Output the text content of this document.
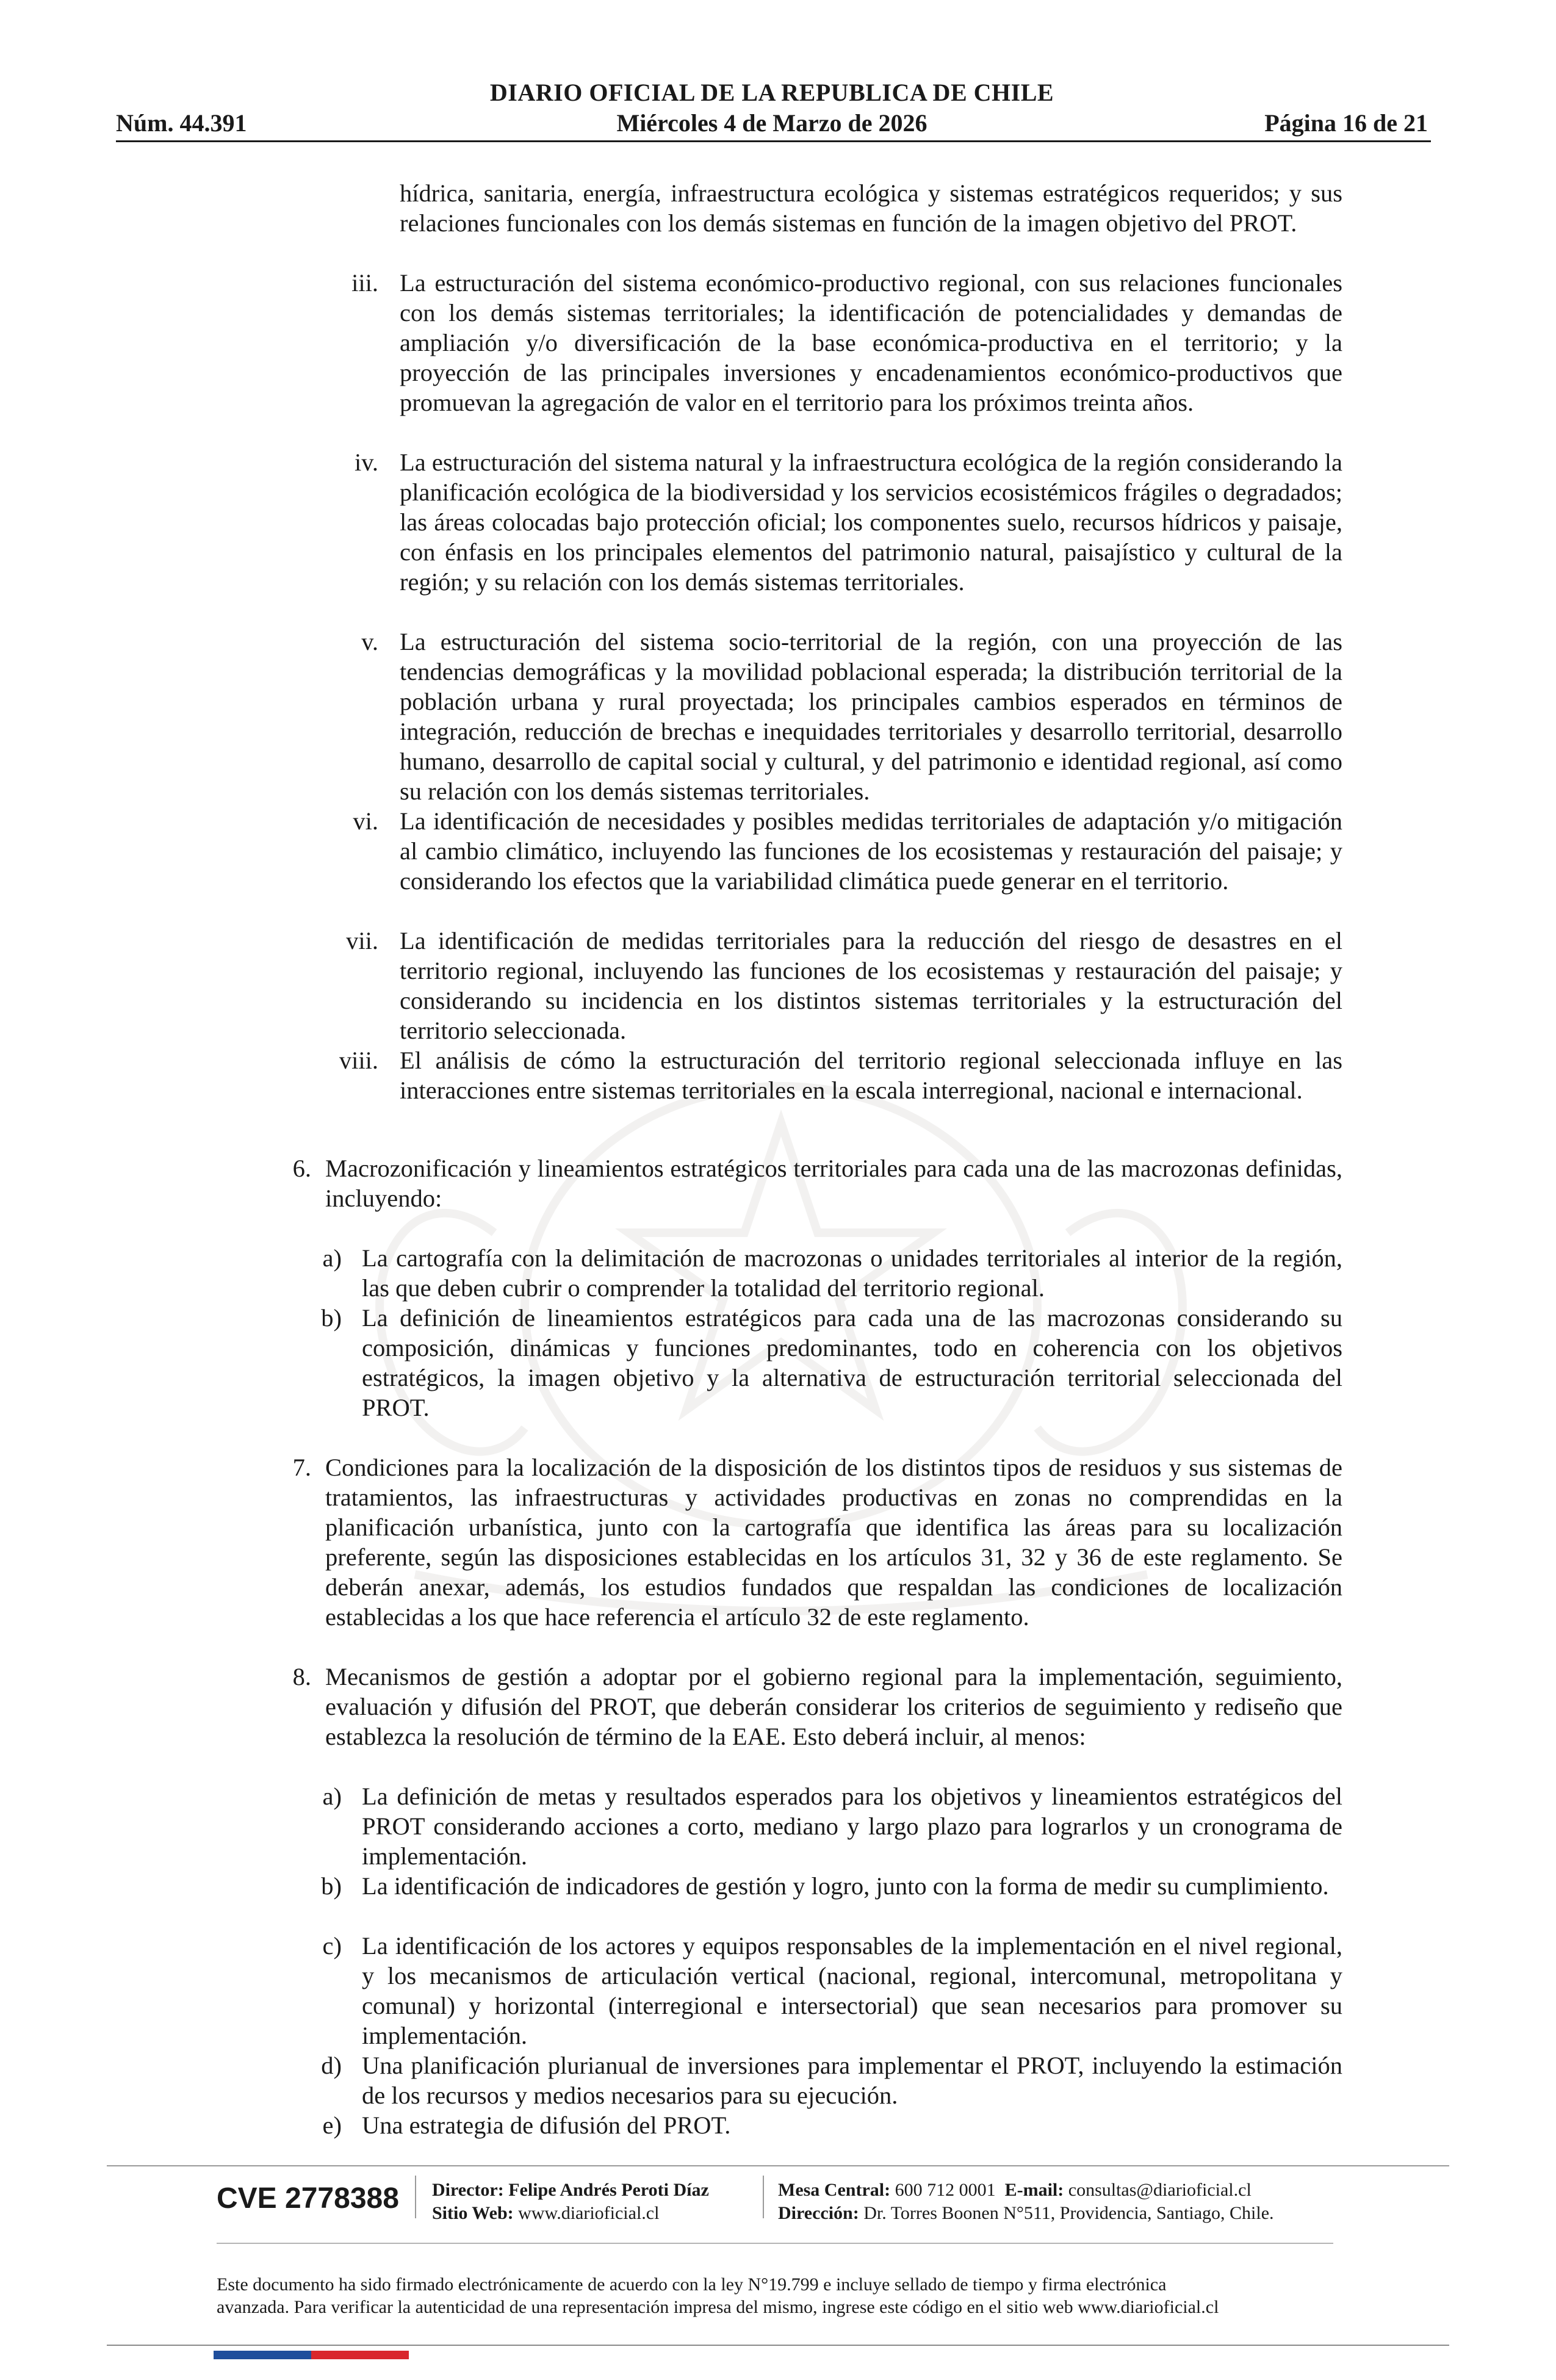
DIARIO OFICIAL DE LA REPUBLICA DE CHILE
Núm. 44.391	Miércoles 4 de Marzo de 2026	Página 16 de 21
hídrica, sanitaria, energía, infraestructura ecológica y sistemas estratégicos requeridos; y sus relaciones funcionales con los demás sistemas en función de la imagen objetivo del PROT.
iii. La estructuración del sistema económico-productivo regional, con sus relaciones funcionales con los demás sistemas territoriales; la identificación de potencialidades y demandas de ampliación y/o diversificación de la base económica-productiva en el territorio; y la proyección de las principales inversiones y encadenamientos económico-productivos que promuevan la agregación de valor en el territorio para los próximos treinta años.
iv. La estructuración del sistema natural y la infraestructura ecológica de la región considerando la planificación ecológica de la biodiversidad y los servicios ecosistémicos frágiles o degradados; las áreas colocadas bajo protección oficial; los componentes suelo, recursos hídricos y paisaje, con énfasis en los principales elementos del patrimonio natural, paisajístico y cultural de la región; y su relación con los demás sistemas territoriales.
v. La estructuración del sistema socio-territorial de la región, con una proyección de las tendencias demográficas y la movilidad poblacional esperada; la distribución territorial de la población urbana y rural proyectada; los principales cambios esperados en términos de integración, reducción de brechas e inequidades territoriales y desarrollo territorial, desarrollo humano, desarrollo de capital social y cultural, y del patrimonio e identidad regional, así como su relación con los demás sistemas territoriales.
vi. La identificación de necesidades y posibles medidas territoriales de adaptación y/o mitigación al cambio climático, incluyendo las funciones de los ecosistemas y restauración del paisaje; y considerando los efectos que la variabilidad climática puede generar en el territorio.
vii. La identificación de medidas territoriales para la reducción del riesgo de desastres en el territorio regional, incluyendo las funciones de los ecosistemas y restauración del paisaje; y considerando su incidencia en los distintos sistemas territoriales y la estructuración del territorio seleccionada.
viii. El análisis de cómo la estructuración del territorio regional seleccionada influye en las interacciones entre sistemas territoriales en la escala interregional, nacional e internacional.
6. Macrozonificación y lineamientos estratégicos territoriales para cada una de las macrozonas definidas, incluyendo:
a) La cartografía con la delimitación de macrozonas o unidades territoriales al interior de la región, las que deben cubrir o comprender la totalidad del territorio regional.
b) La definición de lineamientos estratégicos para cada una de las macrozonas considerando su composición, dinámicas y funciones predominantes, todo en coherencia con los objetivos estratégicos, la imagen objetivo y la alternativa de estructuración territorial seleccionada del PROT.
7. Condiciones para la localización de la disposición de los distintos tipos de residuos y sus sistemas de tratamientos, las infraestructuras y actividades productivas en zonas no comprendidas en la planificación urbanística, junto con la cartografía que identifica las áreas para su localización preferente, según las disposiciones establecidas en los artículos 31, 32 y 36 de este reglamento. Se deberán anexar, además, los estudios fundados que respaldan las condiciones de localización establecidas a los que hace referencia el artículo 32 de este reglamento.
8. Mecanismos de gestión a adoptar por el gobierno regional para la implementación, seguimiento, evaluación y difusión del PROT, que deberán considerar los criterios de seguimiento y rediseño que establezca la resolución de término de la EAE. Esto deberá incluir, al menos:
a) La definición de metas y resultados esperados para los objetivos y lineamientos estratégicos del PROT considerando acciones a corto, mediano y largo plazo para lograrlos y un cronograma de implementación.
b) La identificación de indicadores de gestión y logro, junto con la forma de medir su cumplimiento.
c) La identificación de los actores y equipos responsables de la implementación en el nivel regional, y los mecanismos de articulación vertical (nacional, regional, intercomunal, metropolitana y comunal) y horizontal (interregional e intersectorial) que sean necesarios para promover su implementación.
d) Una planificación plurianual de inversiones para implementar el PROT, incluyendo la estimación de los recursos y medios necesarios para su ejecución.
e) Una estrategia de difusión del PROT.
CVE 2778388 Director: Felipe Andrés Peroti Díaz
Sitio Web: www.diarioficial.cl
Mesa Central: 600 712 0001 E-mail: consultas@diarioficial.cl
Dirección: Dr. Torres Boonen N°511, Providencia, Santiago, Chile.
Este documento ha sido firmado electrónicamente de acuerdo con la ley N°19.799 e incluye sellado de tiempo y firma electrónica
avanzada. Para verificar la autenticidad de una representación impresa del mismo, ingrese este código en el sitio web www.diarioficial.cl
